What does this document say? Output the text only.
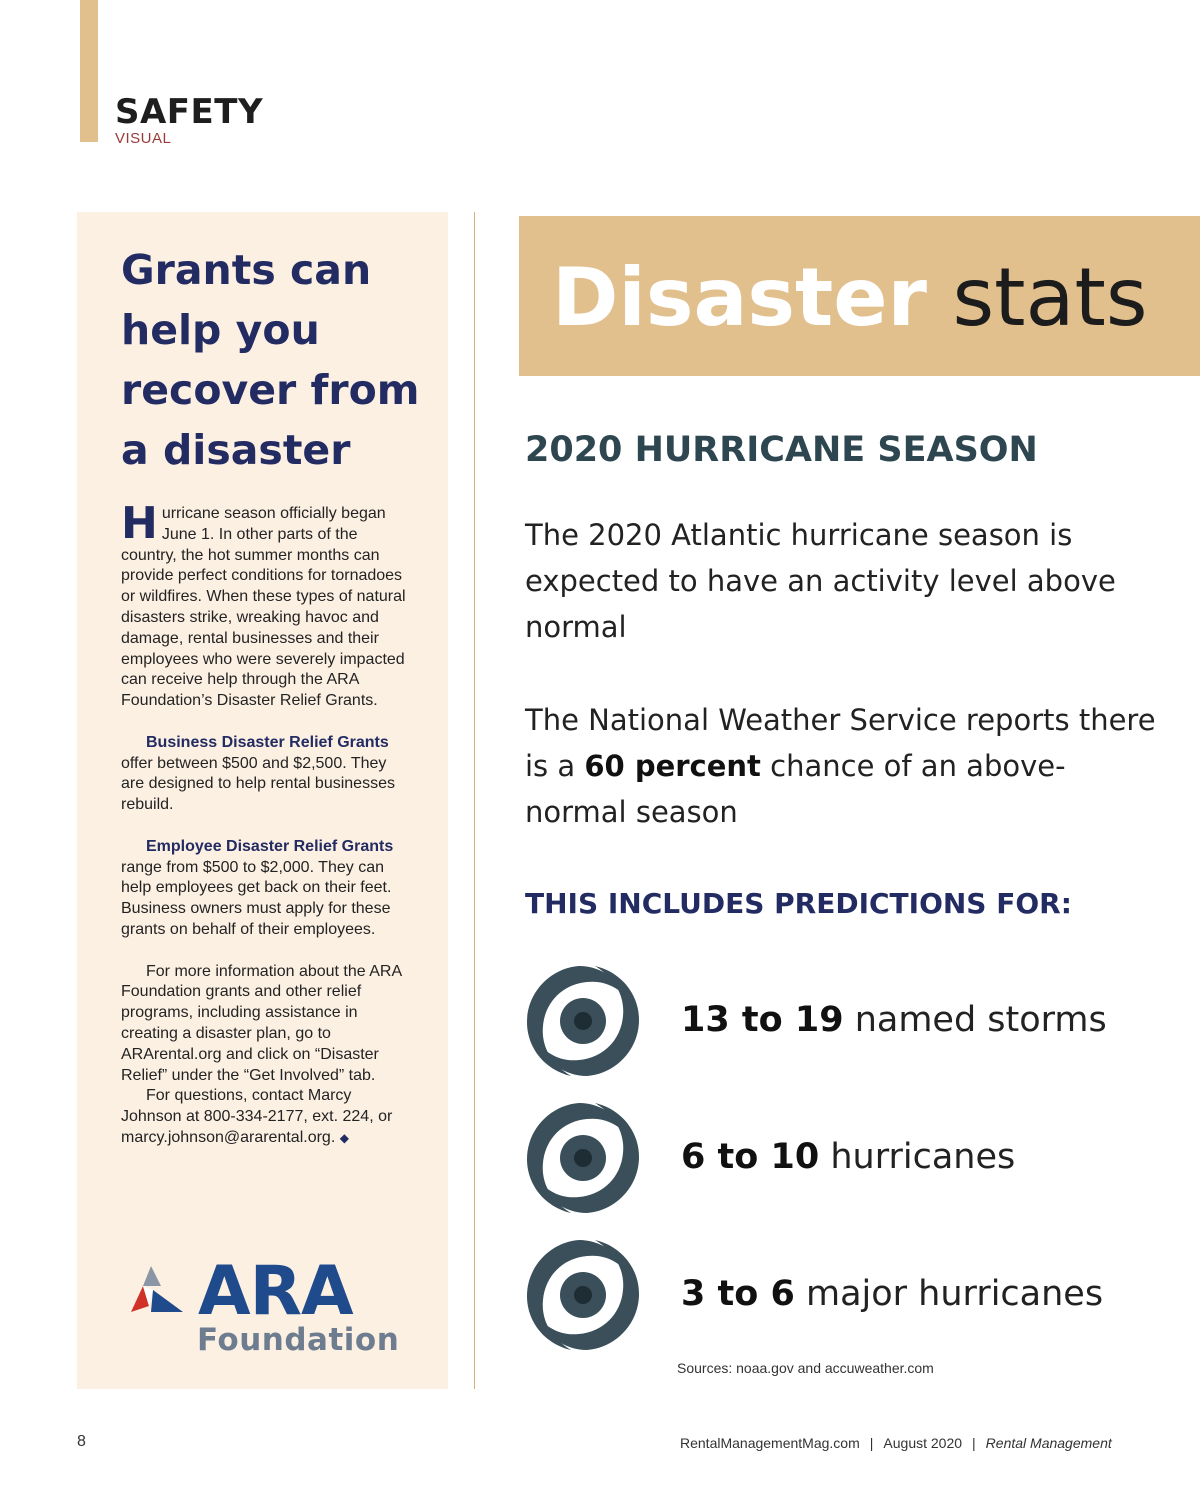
SAFETY
VISUAL
Grants can help you recover from a disaster

Hurricane season officially began June 1. In other parts of the country, the hot summer months can provide perfect conditions for tornadoes or wildfires. When these types of natural disasters strike, wreaking havoc and damage, rental businesses and their employees who were severely impacted can receive help through the ARA Foundation’s Disaster Relief Grants.

Business Disaster Relief Grants offer between $500 and $2,500. They are designed to help rental businesses rebuild.

Employee Disaster Relief Grants range from $500 to $2,000. They can help employees get back on their feet. Business owners must apply for these grants on behalf of their employees.

For more information about the ARA Foundation grants and other relief programs, including assistance in creating a disaster plan, go to ARArental.org and click on “Disaster Relief” under the “Get Involved” tab.

For questions, contact Marcy Johnson at 800-334-2177, ext. 224, or marcy.johnson@ararental.org. ◆

ARA
Foundation
Disaster stats
2020 HURRICANE SEASON
The 2020 Atlantic hurricane season is expected to have an activity level above normal
The National Weather Service reports there is a 60 percent chance of an above-normal season
THIS INCLUDES PREDICTIONS FOR:
13 to 19 named storms
6 to 10 hurricanes
3 to 6 major hurricanes
Sources: noaa.gov and accuweather.com
8	RentalManagementMag.com | August 2020 | Rental Management
